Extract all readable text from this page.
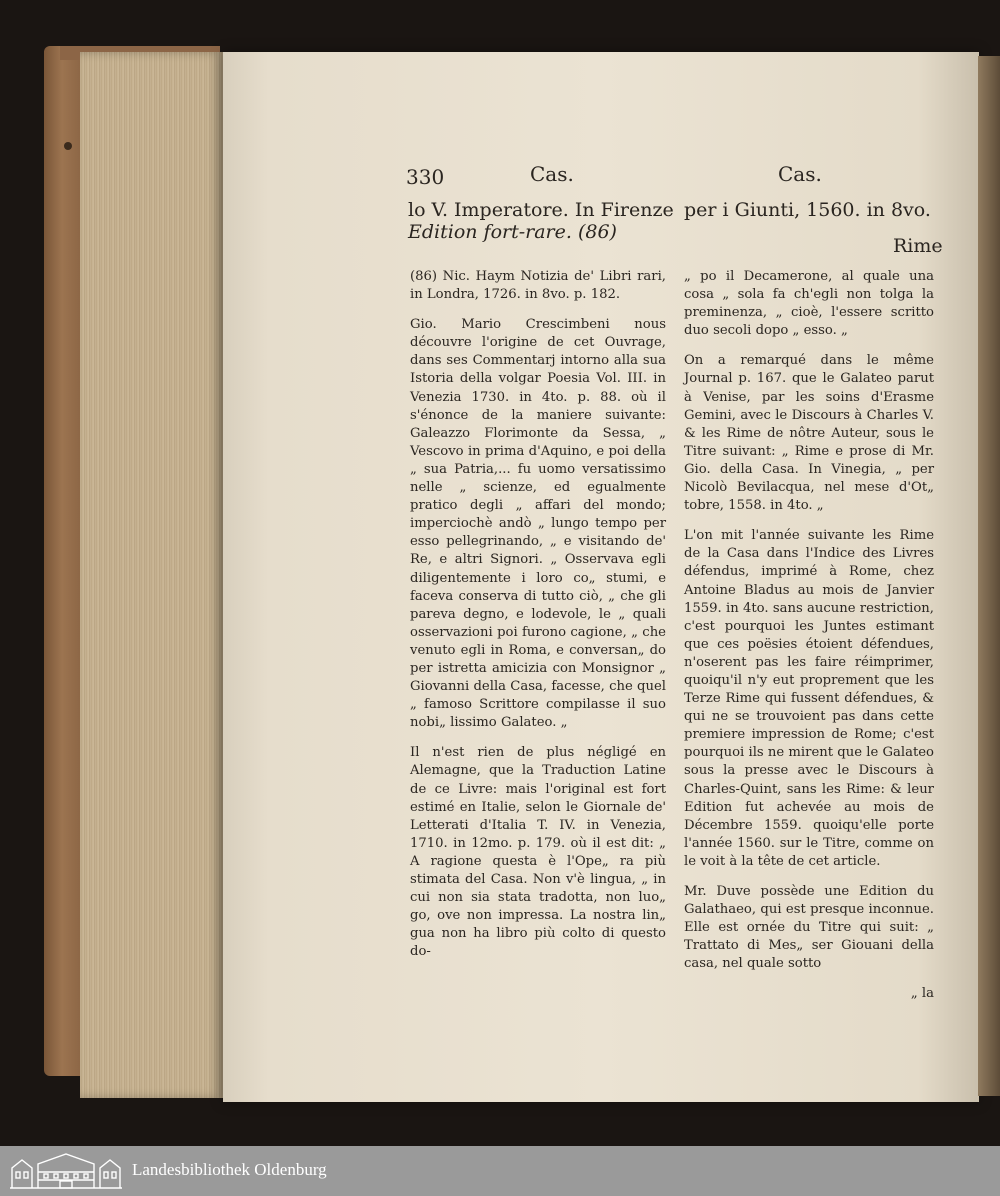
330	Cas.	Cas.
lo V. Imperatore. In Firenze per i Giunti, 1560. in 8vo.
Edition fort-rare. (86)
Rime

(86) Nic. Haym Notizia de' Libri rari, in Londra, 1726. in 8vo. p. 182.

Gio. Mario Crescimbeni nous découvre l'origine de cet Ouvrage, dans ses Commentarj intorno alla sua Istoria della volgar Poesia Vol. III. in Venezia 1730. in 4to. p. 88. où il s'énonce de la maniere suivante: Galeazzo Florimonte da Sessa, „ Vescovo in prima d'Aquino, e poi della „ sua Patria,... fu uomo versatissimo nelle „ scienze, ed egualmente pratico degli „ affari del mondo; imperciochè andò „ lungo tempo per esso pellegrinando, „ e visitando de' Re, e altri Signori. „ Osservava egli diligentemente i loro co„ stumi, e faceva conserva di tutto ciò, „ che gli pareva degno, e lodevole, le „ quali osservazioni poi furono cagione, „ che venuto egli in Roma, e conversan„ do per istretta amicizia con Monsignor „ Giovanni della Casa, facesse, che quel „ famoso Scrittore compilasse il suo nobi„ lissimo Galateo. „

Il n'est rien de plus négligé en Alemagne, que la Traduction Latine de ce Livre: mais l'original est fort estimé en Italie, selon le Giornale de' Letterati d'Italia T. IV. in Venezia, 1710. in 12mo. p. 179. où il est dit: „ A ragione questa è l'Ope„ ra più stimata del Casa. Non v'è lingua, „ in cui non sia stata tradotta, non luo„ go, ove non impressa. La nostra lin„ gua non ha libro più colto di questo do-

„ po il Decamerone, al quale una cosa „ sola fa ch'egli non tolga la preminenza, „ cioè, l'essere scritto duo secoli dopo „ esso. „

On a remarqué dans le même Journal p. 167. que le Galateo parut à Venise, par les soins d'Erasme Gemini, avec le Discours à Charles V. & les Rime de nôtre Auteur, sous le Titre suivant: „ Rime e prose di Mr. Gio. della Casa. In Vinegia, „ per Nicolò Bevilacqua, nel mese d'Ot„ tobre, 1558. in 4to. „

L'on mit l'année suivante les Rime de la Casa dans l'Indice des Livres défendus, imprimé à Rome, chez Antoine Bladus au mois de Janvier 1559. in 4to. sans aucune restriction, c'est pourquoi les Juntes estimant que ces poësies étoient défendues, n'oserent pas les faire réimprimer, quoiqu'il n'y eut proprement que les Terze Rime qui fussent défendues, & qui ne se trouvoient pas dans cette premiere impression de Rome; c'est pourquoi ils ne mirent que le Galateo sous la presse avec le Discours à Charles-Quint, sans les Rime: & leur Edition fut achevée au mois de Décembre 1559. quoiqu'elle porte l'année 1560. sur le Titre, comme on le voit à la tête de cet article.

Mr. Duve possède une Edition du Galathaeo, qui est presque inconnue. Elle est ornée du Titre qui suit: „ Trattato di Mes„ ser Giouani della casa, nel quale sotto

„ la
Landesbibliothek Oldenburg
